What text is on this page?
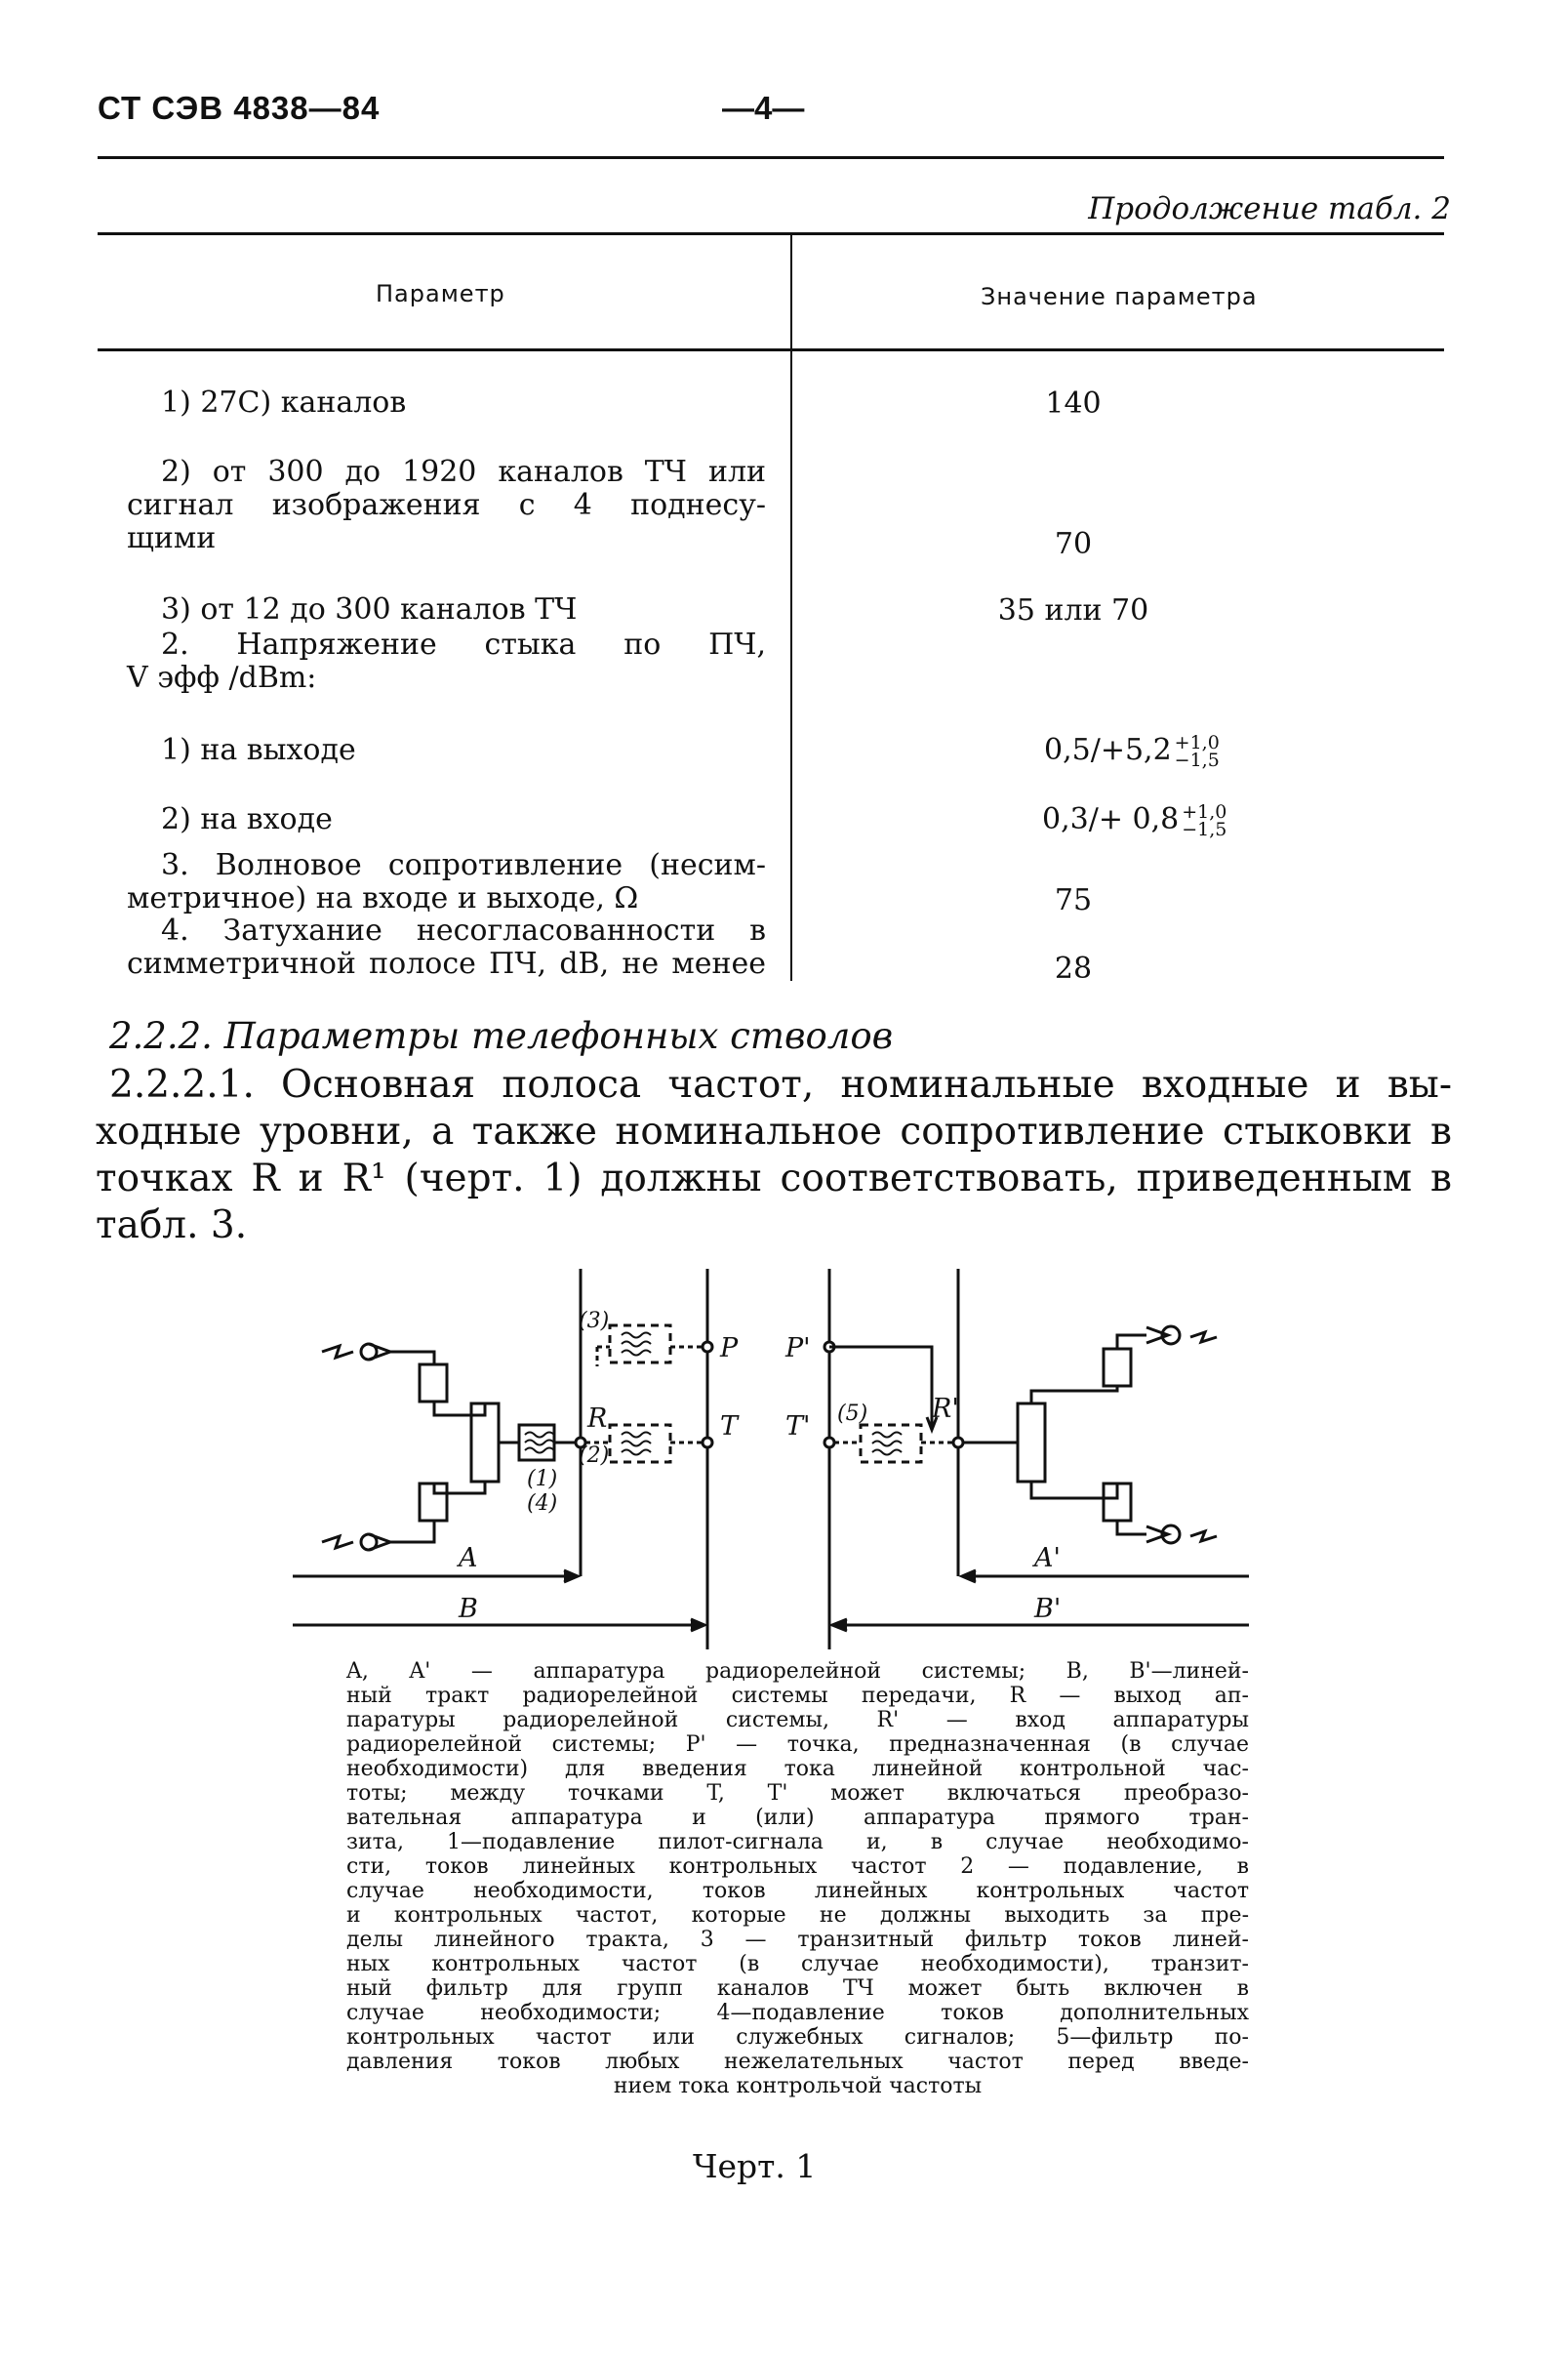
СТ СЭВ 4838—84	—4—
Продолжение табл. 2
Параметр	Значение параметра
1) 27С) каналов	140
2) от 300 до 1920 каналов ТЧ или
сигнал изображения с 4 поднесу-
щими	70
3) от 12 до 300 каналов ТЧ	35 или 70
2. Напряжение стыка по ПЧ,
V эфф /dBm:
1) на выходе	0,5/+5,2 +1,0
−1,5
2) на входе	0,3/+ 0,8 +1,0
−1,5
3. Волновое сопротивление (несим-
метричное) на входе и выходе, Ω	75
4. Затухание несогласованности в
симметричной полосе ПЧ, dB, не менее	28
2.2.2. Параметры телефонных стволов
2.2.2.1. Основная полоса частот, номинальные входные и вы-
ходные уровни, а также номинальное сопротивление стыковки в
точках R и R¹ (черт. 1) должны соответствовать, приведенным в
табл. 3.
P
T
R
P'
T'
R'
A
B
A'
B'
(3)
(2)
(1)
(4)
(5)
A, A' — аппаратура радиорелейной системы; B, B'—линей-
ный тракт радиорелейной системы передачи, R — выход ап-
паратуры радиорелейной системы, R' — вход аппаратуры
радиорелейной системы; P' — точка, предназначенная (в случае
необходимости) для введения тока линейной контрольной час-
тоты; между точками T, T' может включаться преобразо-
вательная аппаратура и (или) аппаратура прямого тран-
зита, 1—подавление пилот-сигнала и, в случае необходимо-
сти, токов линейных контрольных частот 2 — подавление, в
случае необходимости, токов линейных контрольных частот
и контрольных частот, которые не должны выходить за пре-
делы линейного тракта, 3 — транзитный фильтр токов линей-
ных контрольных частот (в случае необходимости), транзит-
ный фильтр для групп каналов ТЧ может быть включен в
случае необходимости; 4—подавление токов дополнительных
контрольных частот или служебных сигналов; 5—фильтр по-
давления токов любых нежелательных частот перед введе-
нием тока контрольчой частоты
Черт. 1
